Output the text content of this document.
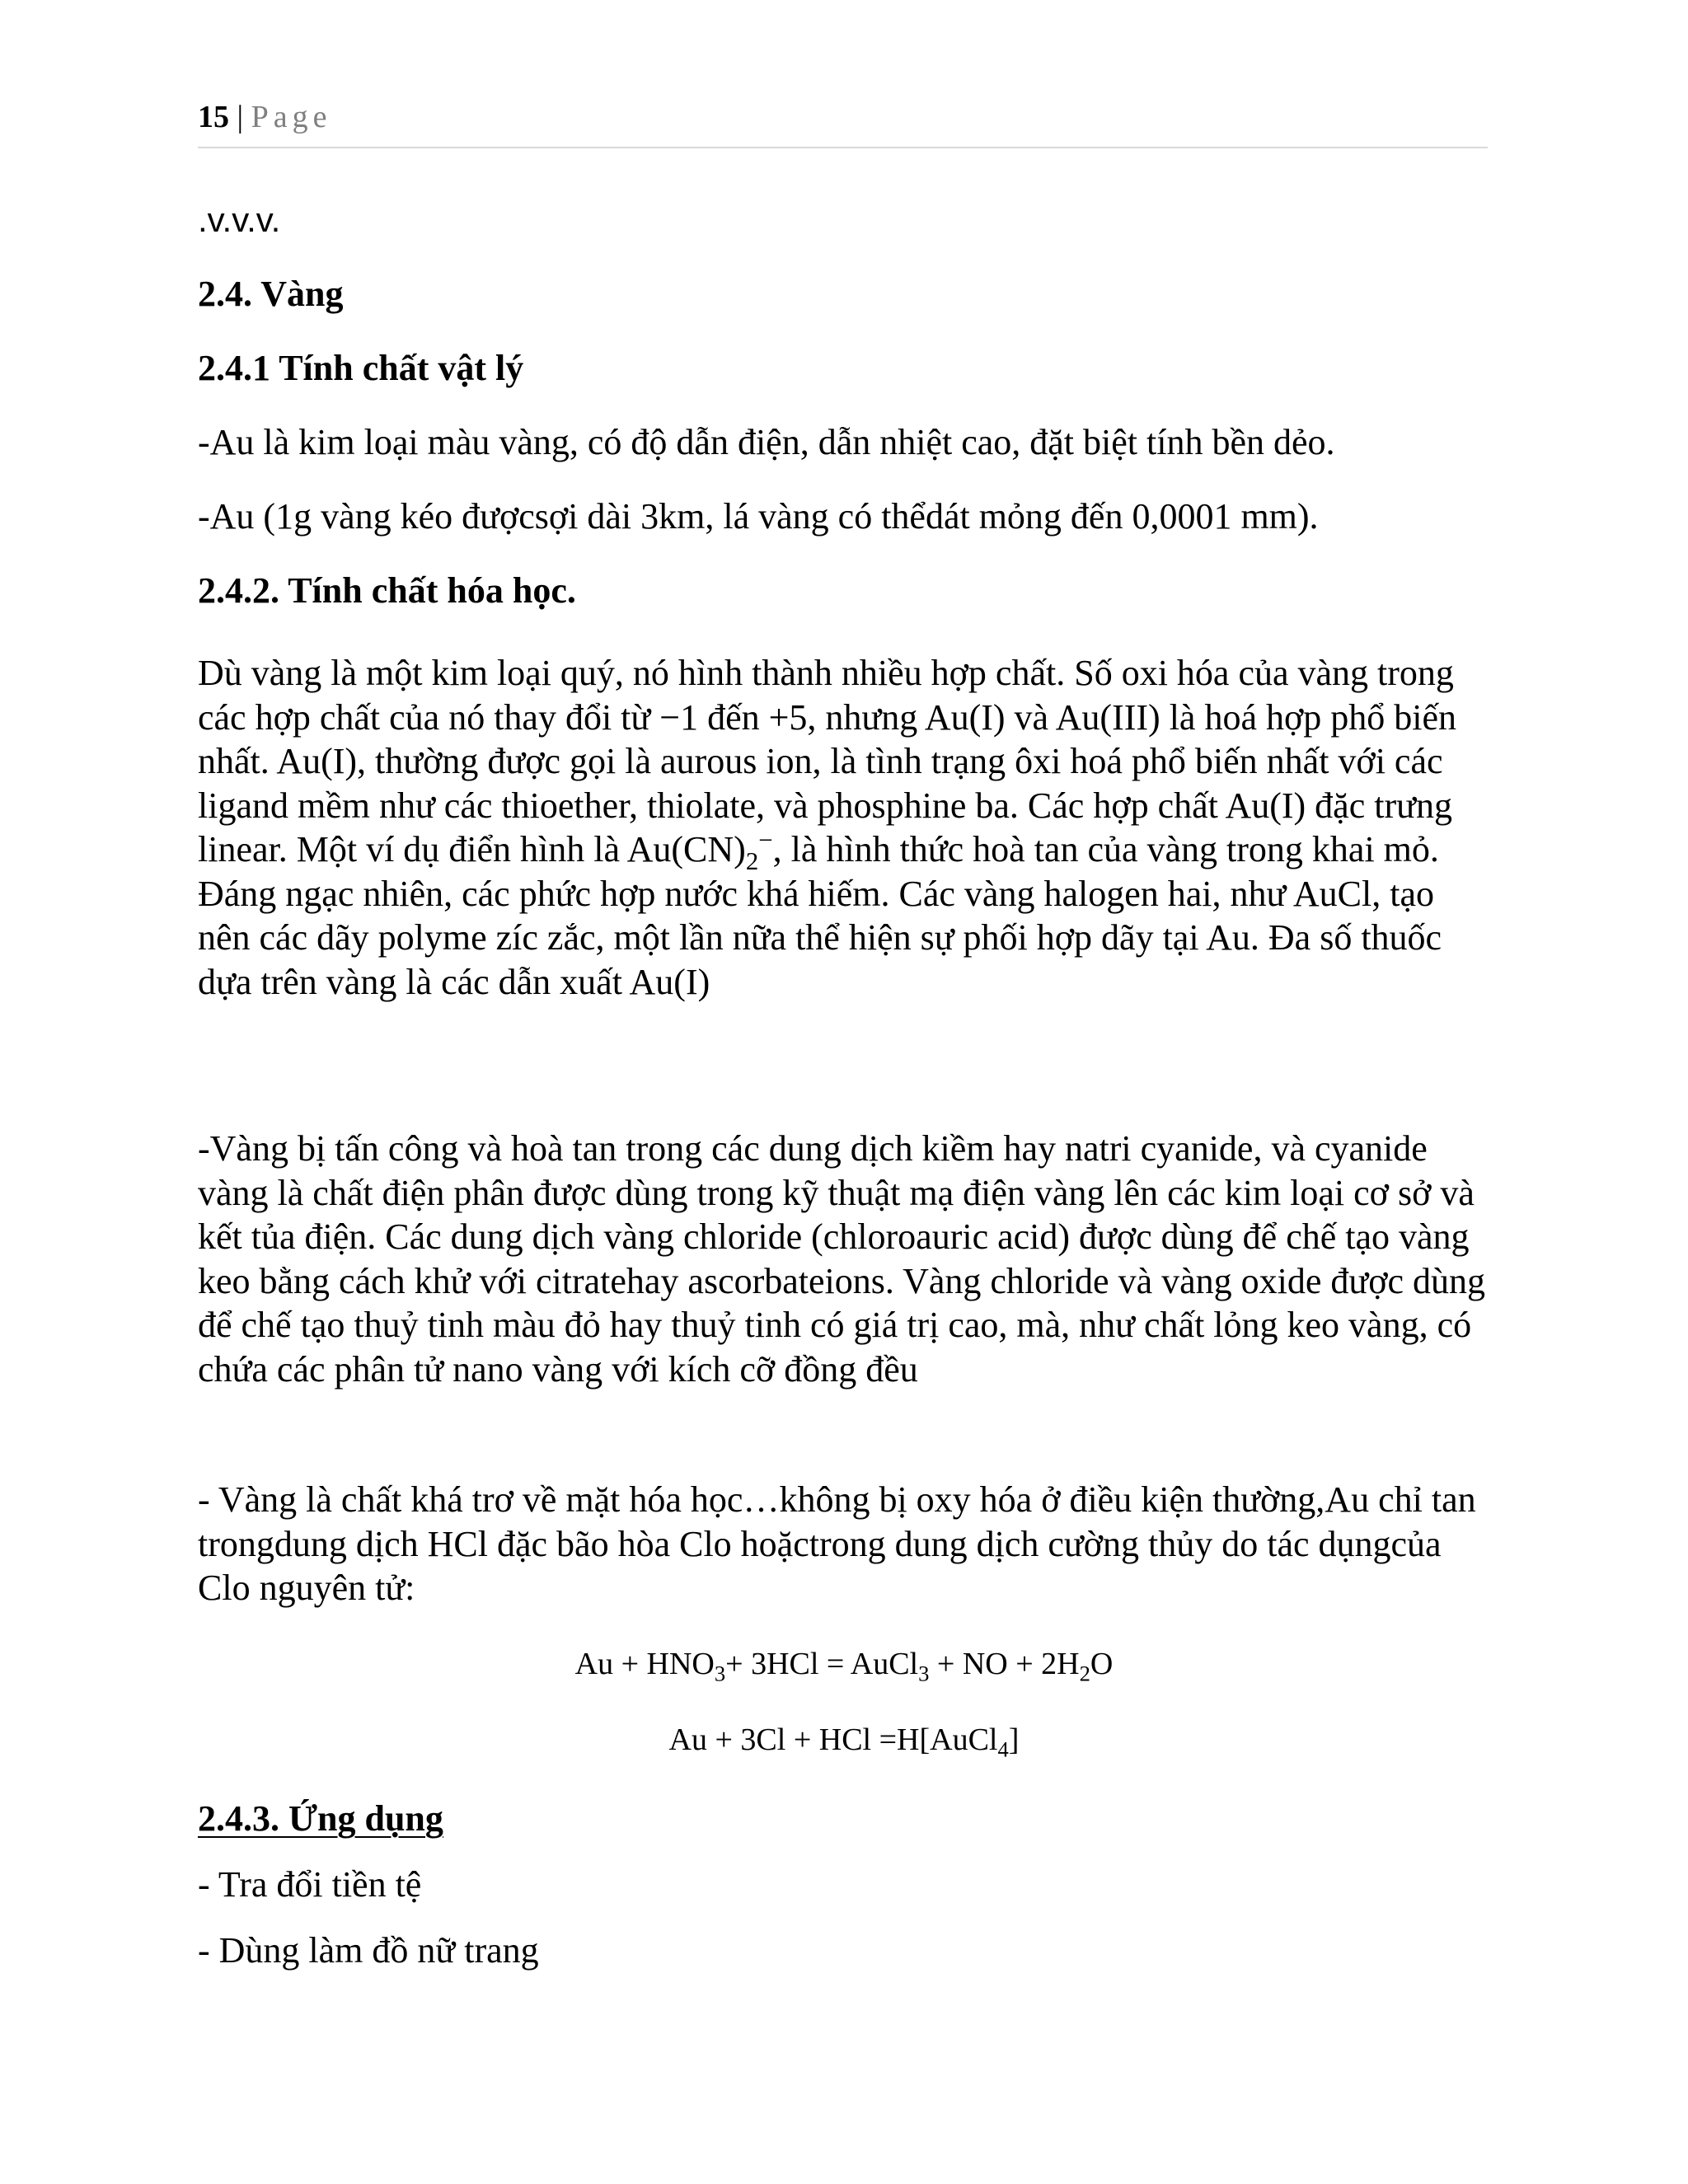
15 | Page
.v.v.v.
2.4. Vàng
2.4.1 Tính chất vật lý
-Au là kim loại màu vàng, có độ dẫn điện, dẫn nhiệt cao, đặt biệt tính bền dẻo.
-Au (1g vàng kéo đượcsợi dài 3km, lá vàng có thểdát mỏng đến 0,0001 mm).
2.4.2. Tính chất hóa học.
Dù vàng là một kim loại quý, nó hình thành nhiều hợp chất. Số oxi hóa của vàng trong các hợp chất của nó thay đổi từ −1 đến +5, nhưng Au(I) và Au(III) là hoá hợp phổ biến nhất. Au(I), thường được gọi là aurous ion, là tình trạng ôxi hoá phổ biến nhất với các ligand mềm như các thioether, thiolate, và phosphine ba. Các hợp chất Au(I) đặc trưng linear. Một ví dụ điển hình là $Au(CN)_2^-$, là hình thức hoà tan của vàng trong khai mỏ. Đáng ngạc nhiên, các phức hợp nước khá hiếm. Các vàng halogen hai, như AuCl, tạo nên các dãy polyme zíc zắc, một lần nữa thể hiện sự phối hợp dãy tại Au. Đa số thuốc dựa trên vàng là các dẫn xuất Au(I)
-Vàng bị tấn công và hoà tan trong các dung dịch kiềm hay natri cyanide, và cyanide vàng là chất điện phân được dùng trong kỹ thuật mạ điện vàng lên các kim loại cơ sở và kết tủa điện. Các dung dịch vàng chloride (chloroauric acid) được dùng để chế tạo vàng keo bằng cách khử với citratehay ascorbateions. Vàng chloride và vàng oxide được dùng để chế tạo thuỷ tinh màu đỏ hay thuỷ tinh có giá trị cao, mà, như chất lỏng keo vàng, có chứa các phân tử nano vàng với kích cỡ đồng đều
- Vàng là chất khá trơ về mặt hóa học…không bị oxy hóa ở điều kiện thường,Au chỉ tan trongdung dịch HCl đặc bão hòa Clo hoặctrong dung dịch cường thủy do tác dụngcủa Clo nguyên tử:
$Au + HNO_3+ 3HCl$ = AuCl$_3$ + NO + $2H_2O$
Au + 3Cl + HCl =H[AuCl$_4$]
2.4.3. Ứng dụng
- Tra đổi tiền tệ
- Dùng làm đồ nữ trang
